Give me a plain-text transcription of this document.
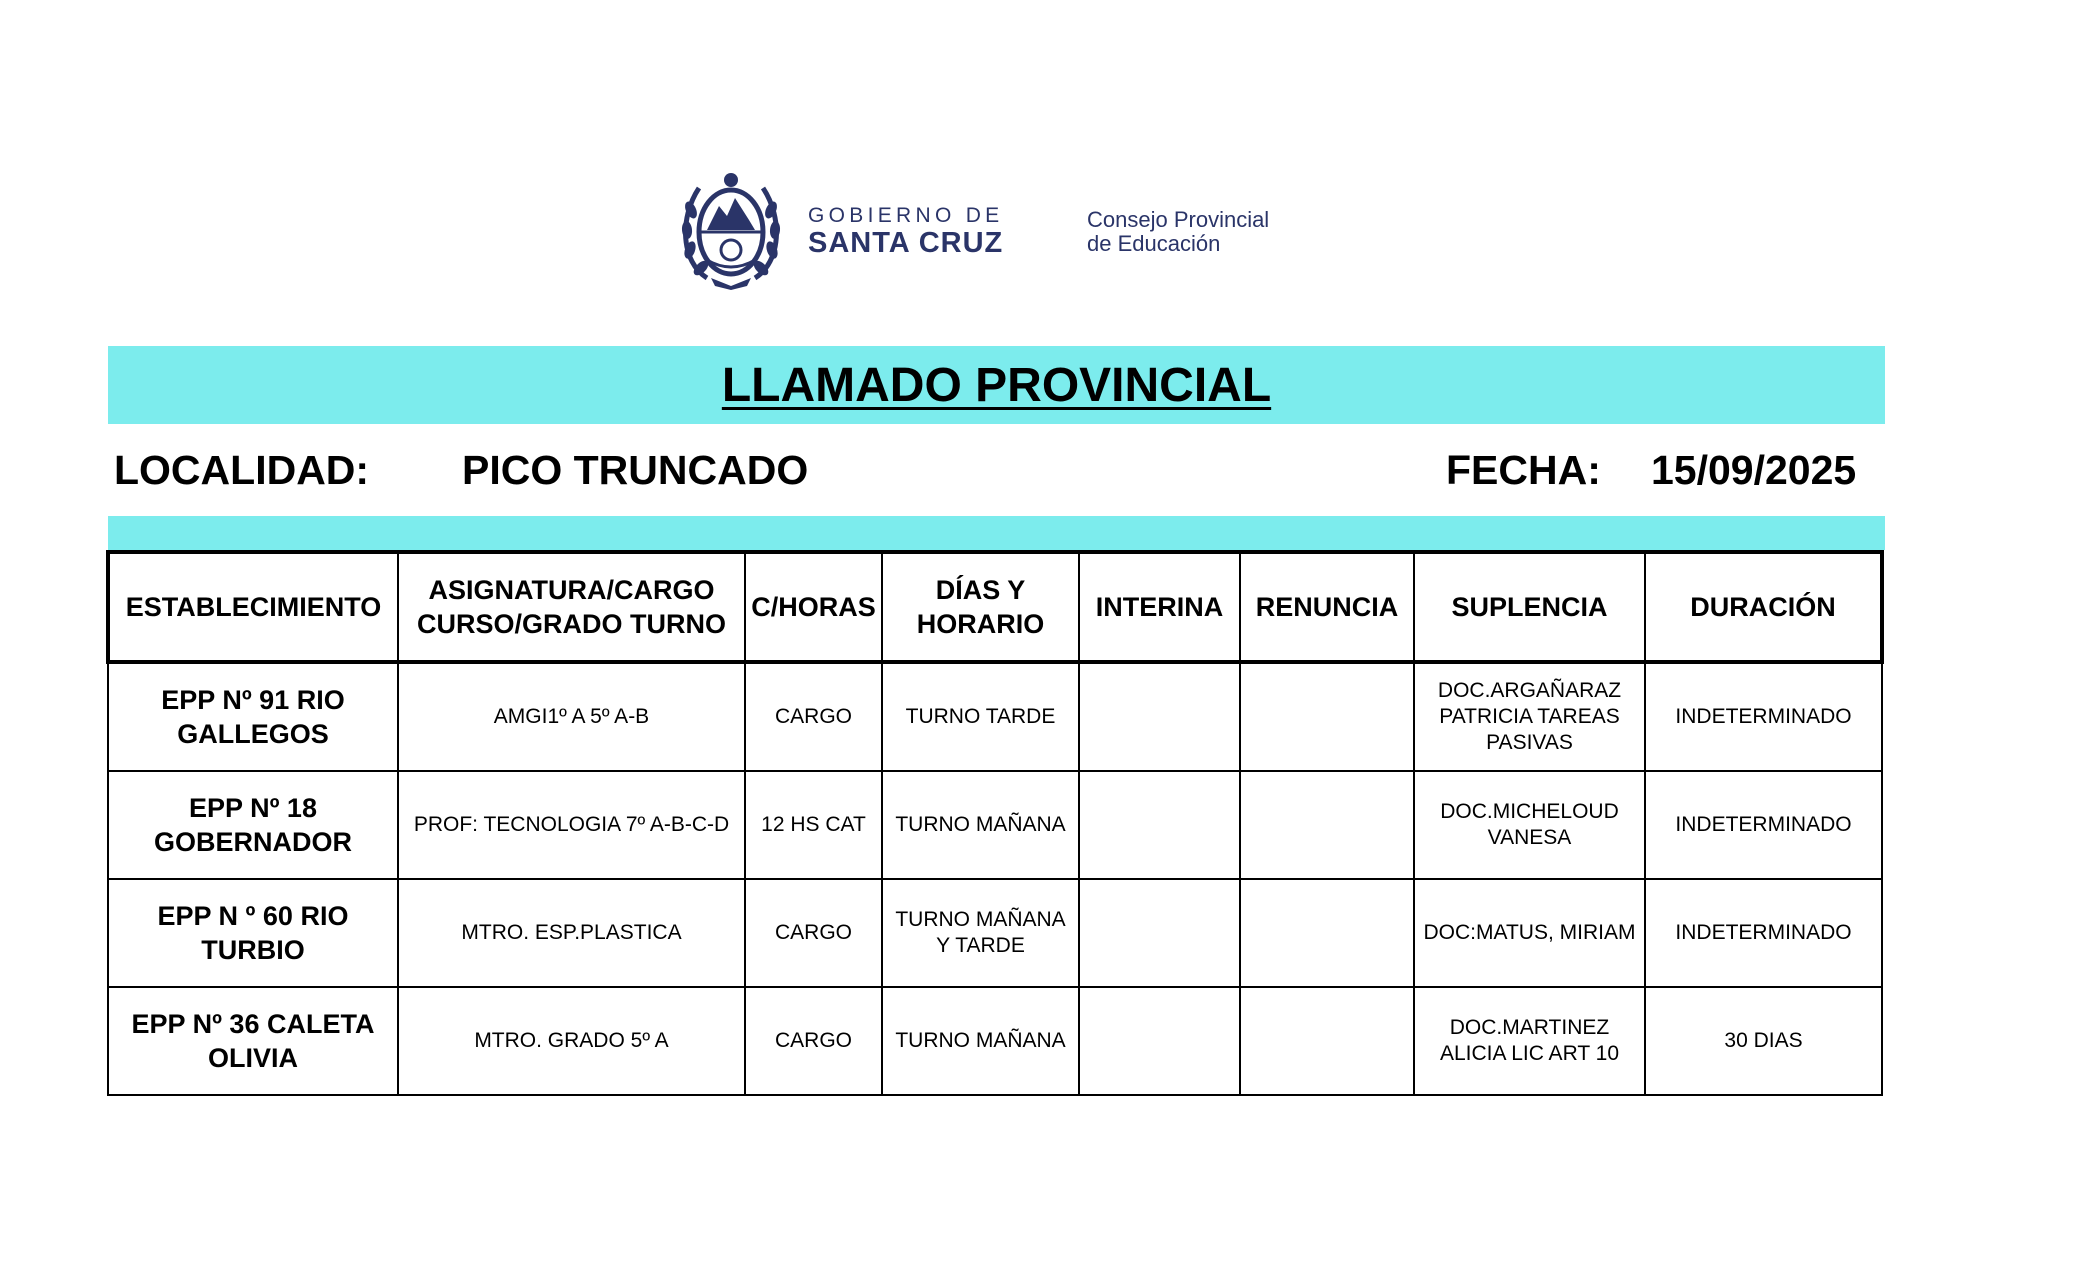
GOBIERNO DE
SANTA CRUZ
Consejo Provincial
de Educación
LLAMADO PROVINCIAL
LOCALIDAD: PICO TRUNCADO	FECHA: 15/09/2025
ESTABLECIMIENTO	ASIGNATURA/CARGO CURSO/GRADO TURNO	C/HORAS	DÍAS Y HORARIO	INTERINA	RENUNCIA	SUPLENCIA	DURACIÓN
EPP Nº 91 RIO GALLEGOS	AMGI1º A 5º A-B	CARGO	TURNO TARDE			DOC.ARGAÑARAZ PATRICIA TAREAS PASIVAS	INDETERMINADO
EPP Nº 18 GOBERNADOR	PROF: TECNOLOGIA 7º A-B-C-D	12 HS CAT	TURNO MAÑANA			DOC.MICHELOUD VANESA	INDETERMINADO
EPP N º 60 RIO TURBIO	MTRO. ESP.PLASTICA	CARGO	TURNO MAÑANA Y TARDE			DOC:MATUS, MIRIAM	INDETERMINADO
EPP Nº 36 CALETA OLIVIA	MTRO. GRADO 5º A	CARGO	TURNO MAÑANA			DOC.MARTINEZ ALICIA LIC ART 10	30 DIAS
